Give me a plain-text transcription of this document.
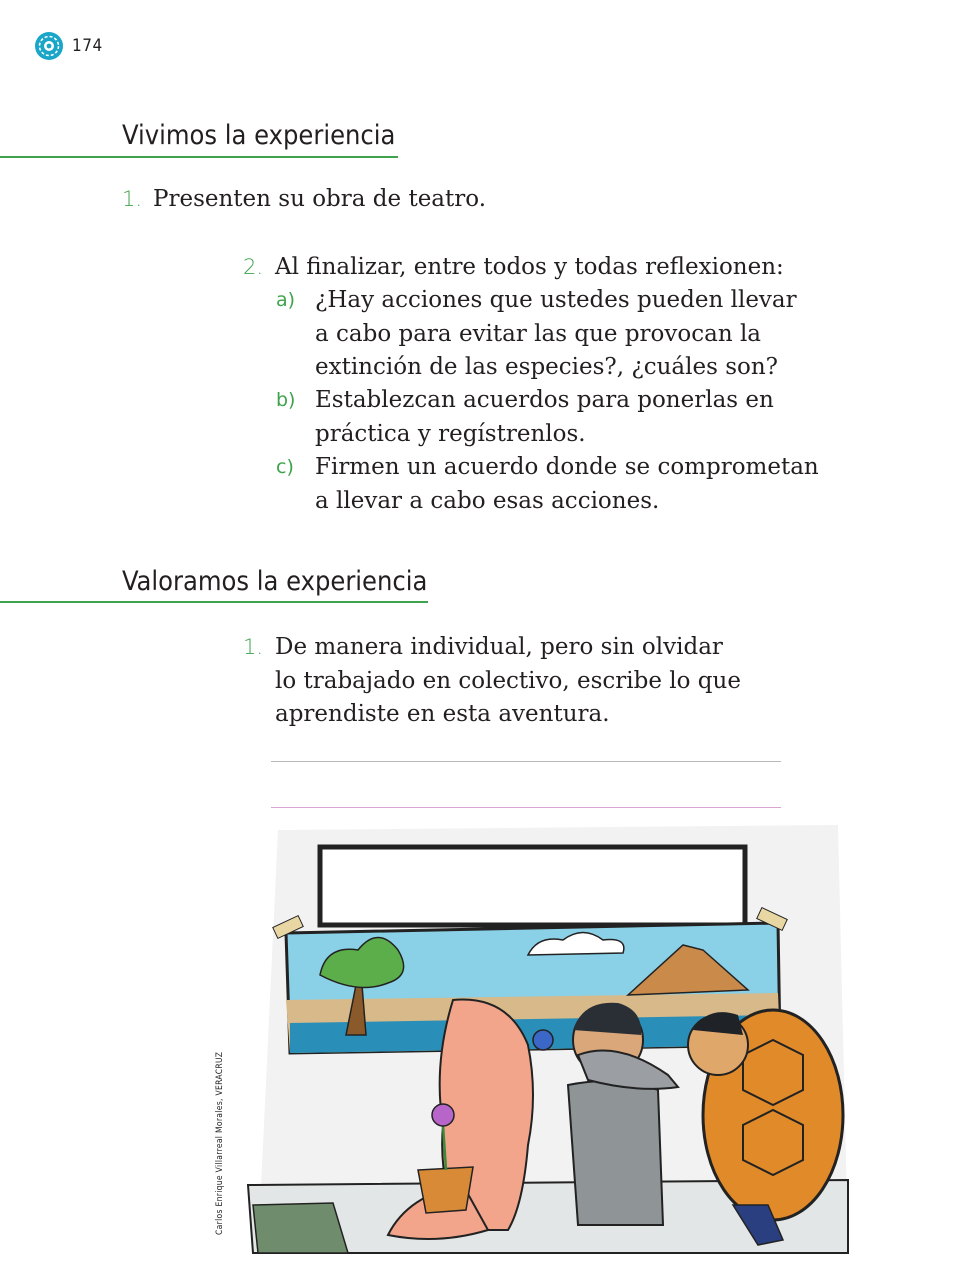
174
Vivimos la experiencia
1. Presenten su obra de teatro.
2. Al finalizar, entre todos y todas reflexionen:
a) ¿Hay acciones que ustedes pueden llevar
a cabo para evitar las que provocan la
extinción de las especies?, ¿cuáles son?
b) Establezcan acuerdos para ponerlas en
práctica y regístrenlos.
c) Firmen un acuerdo donde se comprometan
a llevar a cabo esas acciones.
Valoramos la experiencia
1. De manera individual, pero sin olvidar
lo trabajado en colectivo, escribe lo que
aprendiste en esta aventura.
Carlos Enrique Villarreal Morales, VERACRUZ
